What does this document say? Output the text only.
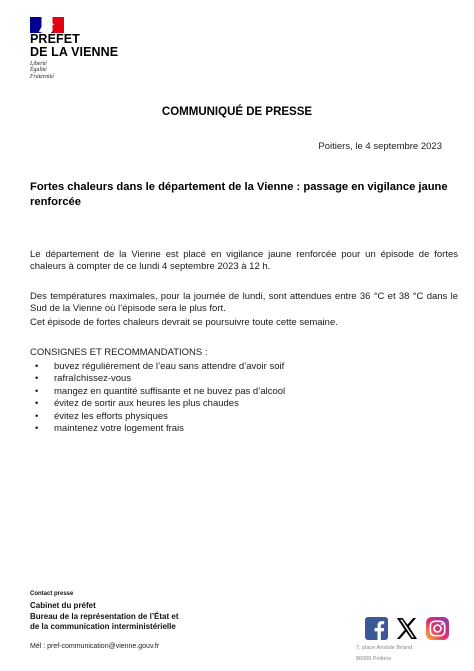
PRÉFET
DE LA VIENNE
Liberté
Égalité
Fraternité
COMMUNIQUÉ DE PRESSE
Poitiers, le 4 septembre 2023
Fortes chaleurs dans le département de la Vienne : passage en vigilance jaune renforcée
Le département de la Vienne est placé en vigilance jaune renforcée pour un épisode de fortes chaleurs à compter de ce lundi 4 septembre 2023 à 12 h.
Des températures maximales, pour la journée de lundi, sont attendues entre 36 °C et 38 °C dans le Sud de la Vienne où l’épisode sera le plus fort.
Cet épisode de fortes chaleurs devrait se poursuivre toute cette semaine.
CONSIGNES ET RECOMMANDATIONS :
• buvez régulièrement de l’eau sans attendre d’avoir soif
• rafraîchissez-vous
• mangez en quantité suffisante et ne buvez pas d’alcool
• évitez de sortir aux heures les plus chaudes
• évitez les efforts physiques
• maintenez votre logement frais
Contact presse
Cabinet du préfet
Bureau de la représentation de l’État et
de la communication interministérielle
Mél : pref-communication@vienne.gouv.fr	7, place Aristide Briand
86000 Poitiers
